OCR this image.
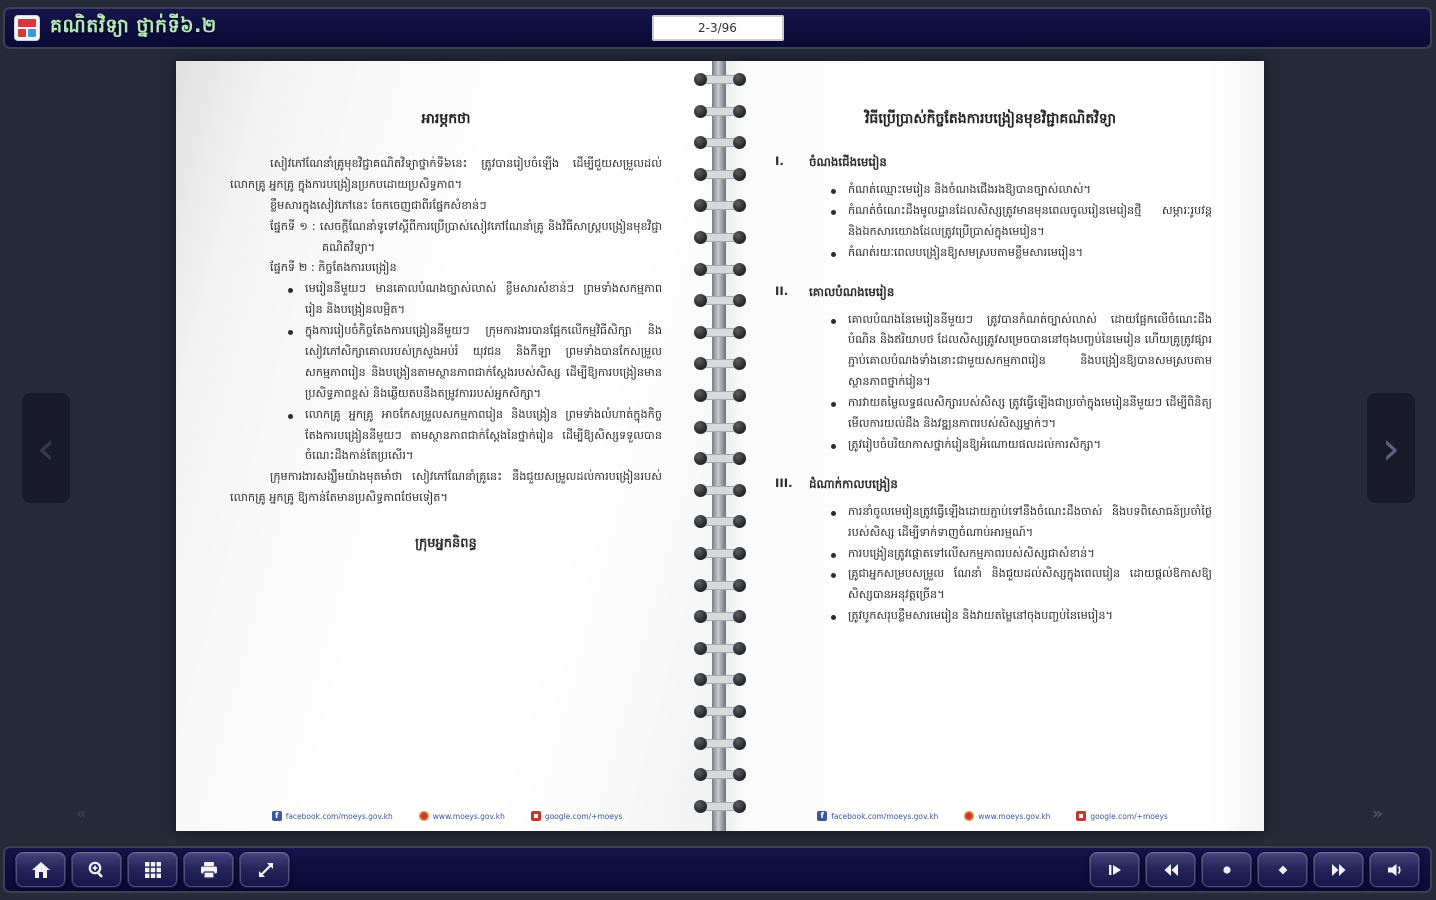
គណិតវិទ្យា ថ្នាក់ទី៦.២
2-3/96
អារម្ភកថា
សៀវភៅណែនាំគ្រូមុខវិជ្ជាគណិតវិទ្យាថ្នាក់ទី៦នេះ ត្រូវបានរៀបចំឡើង ដើម្បីជួយសម្រួលដល់លោកគ្រូ អ្នកគ្រូ ក្នុងការបង្រៀនប្រកបដោយប្រសិទ្ធភាព។
ខ្លឹមសារក្នុងសៀវភៅនេះ ចែកចេញជាពីរផ្នែកសំខាន់ៗ
ផ្នែកទី ១ : សេចក្តីណែនាំទូទៅស្តីពីការប្រើប្រាស់សៀវភៅណែនាំគ្រូ និងវិធីសាស្ត្របង្រៀនមុខវិជ្ជាគណិតវិទ្យា។
ផ្នែកទី ២ : កិច្ចតែងការបង្រៀន
មេរៀននីមួយៗ មានគោលបំណងច្បាស់លាស់ ខ្លឹមសារសំខាន់ៗ ព្រមទាំងសកម្មភាពរៀន និងបង្រៀនលម្អិត។
ក្នុងការរៀបចំកិច្ចតែងការបង្រៀននីមួយៗ ក្រុមការងារបានផ្អែកលើកម្មវិធីសិក្សា និងសៀវភៅសិក្សាគោលរបស់ក្រសួងអប់រំ យុវជន និងកីឡា ព្រមទាំងបានកែសម្រួលសកម្មភាពរៀន និងបង្រៀនតាមស្ថានភាពជាក់ស្តែងរបស់សិស្ស ដើម្បីឱ្យការបង្រៀនមានប្រសិទ្ធភាពខ្ពស់ និងឆ្លើយតបនឹងតម្រូវការរបស់អ្នកសិក្សា។
លោកគ្រូ អ្នកគ្រូ អាចកែសម្រួលសកម្មភាពរៀន និងបង្រៀន ព្រមទាំងលំហាត់ក្នុងកិច្ចតែងការបង្រៀននីមួយៗ តាមស្ថានភាពជាក់ស្តែងនៃថ្នាក់រៀន ដើម្បីឱ្យសិស្សទទួលបានចំណេះដឹងកាន់តែប្រសើរ។
ក្រុមការងារសង្ឃឹមយ៉ាងមុតមាំថា សៀវភៅណែនាំគ្រូនេះ នឹងជួយសម្រួលដល់ការបង្រៀនរបស់លោកគ្រូ អ្នកគ្រូ ឱ្យកាន់តែមានប្រសិទ្ធភាពថែមទៀត។
ក្រុមអ្នកនិពន្ធ
f facebook.com/moeys.gov.kh	www.moeys.gov.kh	google.com/+moeys
វិធីប្រើប្រាស់កិច្ចតែងការបង្រៀនមុខវិជ្ជាគណិតវិទ្យា
I.	ចំណងជើងមេរៀន
កំណត់ឈ្មោះមេរៀន និងចំណងជើងរងឱ្យបានច្បាស់លាស់។
កំណត់ចំណេះដឹងមូលដ្ឋានដែលសិស្សត្រូវមានមុនពេលចូលរៀនមេរៀនថ្មី សម្ភារៈរូបវន្ត និងឯកសារយោងដែលត្រូវប្រើប្រាស់ក្នុងមេរៀន។
កំណត់រយៈពេលបង្រៀនឱ្យសមស្របតាមខ្លឹមសារមេរៀន។
II.	គោលបំណងមេរៀន
គោលបំណងនៃមេរៀននីមួយៗ ត្រូវបានកំណត់ច្បាស់លាស់ ដោយផ្អែកលើចំណេះដឹង បំណិន និងឥរិយាបថ ដែលសិស្សត្រូវសម្រេចបាននៅចុងបញ្ចប់នៃមេរៀន ហើយគ្រូត្រូវផ្សារភ្ជាប់គោលបំណងទាំងនោះជាមួយសកម្មភាពរៀន និងបង្រៀនឱ្យបានសមស្របតាមស្ថានភាពថ្នាក់រៀន។
ការវាយតម្លៃលទ្ធផលសិក្សារបស់សិស្ស ត្រូវធ្វើឡើងជាប្រចាំក្នុងមេរៀននីមួយៗ ដើម្បីពិនិត្យមើលការយល់ដឹង និងវឌ្ឍនភាពរបស់សិស្សម្នាក់ៗ។
ត្រូវរៀបចំបរិយាកាសថ្នាក់រៀនឱ្យអំណោយផលដល់ការសិក្សា។
III.	ដំណាក់កាលបង្រៀន
ការនាំចូលមេរៀនត្រូវធ្វើឡើងដោយភ្ជាប់ទៅនឹងចំណេះដឹងចាស់ និងបទពិសោធន៍ប្រចាំថ្ងៃរបស់សិស្ស ដើម្បីទាក់ទាញចំណាប់អារម្មណ៍។
ការបង្រៀនត្រូវផ្តោតទៅលើសកម្មភាពរបស់សិស្សជាសំខាន់។
គ្រូជាអ្នកសម្របសម្រួល ណែនាំ និងជួយដល់សិស្សក្នុងពេលរៀន ដោយផ្តល់ឱកាសឱ្យសិស្សបានអនុវត្តច្រើន។
ត្រូវបូកសរុបខ្លឹមសារមេរៀន និងវាយតម្លៃនៅចុងបញ្ចប់នៃមេរៀន។
f facebook.com/moeys.gov.kh	www.moeys.gov.kh	google.com/+moeys
‹	›
«	»
